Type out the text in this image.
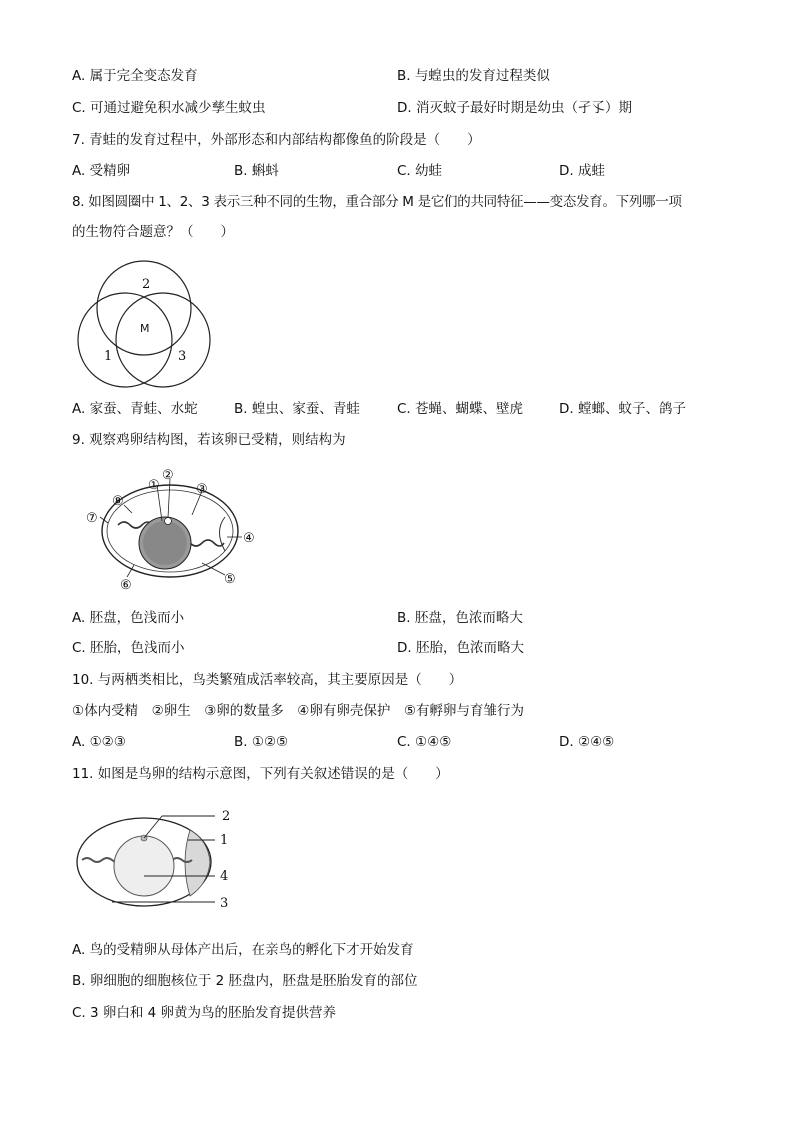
A. 属于完全变态发育	B. 与蝗虫的发育过程类似
C. 可通过避免积水减少孳生蚊虫	D. 消灭蚊子最好时期是幼虫（孑孓）期
7. 青蛙的发育过程中，外部形态和内部结构都像鱼的阶段是（　　）
A. 受精卵	B. 蝌蚪	C. 幼蛙	D. 成蛙
8. 如图圆圈中 1、2、3 表示三种不同的生物，重合部分 M 是它们的共同特征——变态发育。下列哪一项
的生物符合题意？（　　）
2
1	3
M
A. 家蚕、青蛙、水蛇	B. 蝗虫、家蚕、青蛙	C. 苍蝇、蝴蝶、壁虎	D. 螳螂、蚊子、鸽子
9. 观察鸡卵结构图，若该卵已受精，则结构为
①
②
③
④
⑤
⑥
⑦
⑧
A. 胚盘，色浅而小	B. 胚盘，色浓而略大
C. 胚胎，色浅而小	D. 胚胎，色浓而略大
10. 与两栖类相比，鸟类繁殖成活率较高，其主要原因是（　　）
①体内受精　②卵生　③卵的数量多　④卵有卵壳保护　⑤有孵卵与育雏行为
A. ①②③	B. ①②⑤	C. ①④⑤	D. ②④⑤
11. 如图是鸟卵的结构示意图，下列有关叙述错误的是（　　）
2
1
4
3
A. 鸟的受精卵从母体产出后，在亲鸟的孵化下才开始发育
B. 卵细胞的细胞核位于 2 胚盘内，胚盘是胚胎发育的部位
C. 3 卵白和 4 卵黄为鸟的胚胎发育提供营养
